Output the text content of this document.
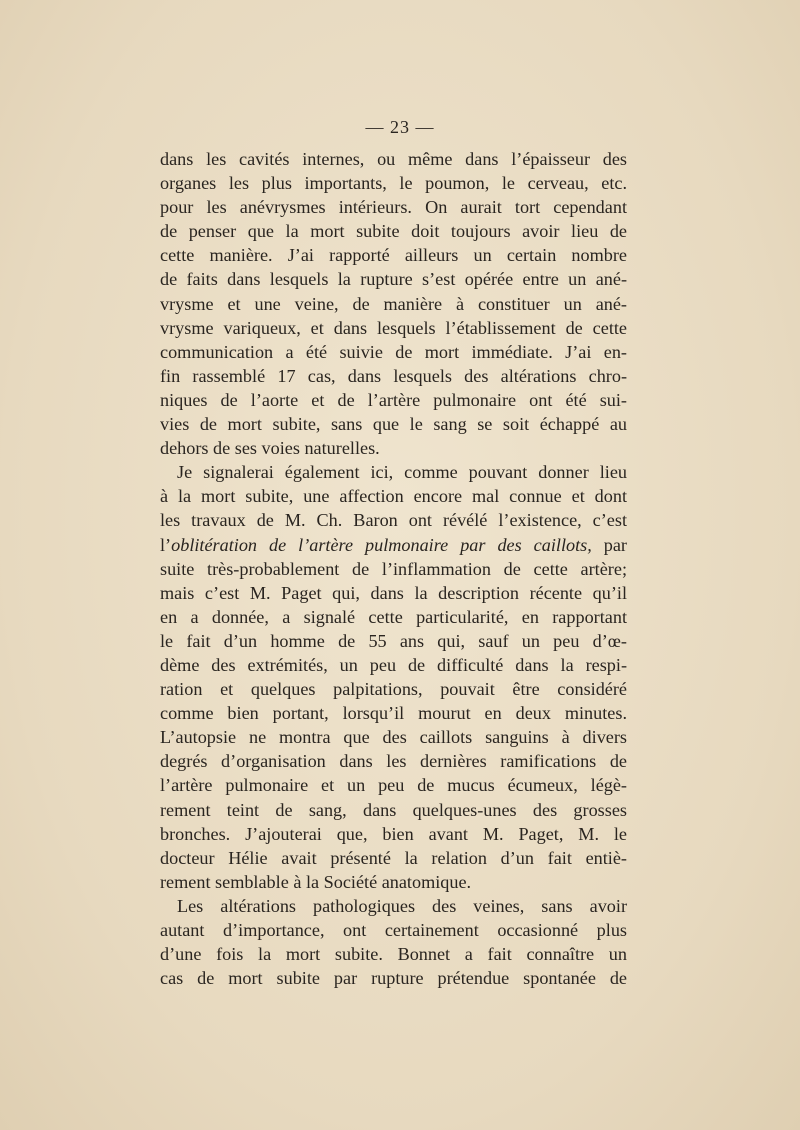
— 23 —
dans les cavités internes, ou même dans l’épaisseur des
organes les plus importants, le poumon, le cerveau, etc.
pour les anévrysmes intérieurs. On aurait tort cependant
de penser que la mort subite doit toujours avoir lieu de
cette manière. J’ai rapporté ailleurs un certain nombre
de faits dans lesquels la rupture s’est opérée entre un ané-
vrysme et une veine, de manière à constituer un ané-
vrysme variqueux, et dans lesquels l’établissement de cette
communication a été suivie de mort immédiate. J’ai en-
fin rassemblé 17 cas, dans lesquels des altérations chro-
niques de l’aorte et de l’artère pulmonaire ont été sui-
vies de mort subite, sans que le sang se soit échappé au
dehors de ses voies naturelles.
Je signalerai également ici, comme pouvant donner lieu
à la mort subite, une affection encore mal connue et dont
les travaux de M. Ch. Baron ont révélé l’existence, c’est
l’oblitération de l’artère pulmonaire par des caillots, par
suite très-probablement de l’inflammation de cette artère;
mais c’est M. Paget qui, dans la description récente qu’il
en a donnée, a signalé cette particularité, en rapportant
le fait d’un homme de 55 ans qui, sauf un peu d’œ-
dème des extrémités, un peu de difficulté dans la respi-
ration et quelques palpitations, pouvait être considéré
comme bien portant, lorsqu’il mourut en deux minutes.
L’autopsie ne montra que des caillots sanguins à divers
degrés d’organisation dans les dernières ramifications de
l’artère pulmonaire et un peu de mucus écumeux, légè-
rement teint de sang, dans quelques-unes des grosses
bronches. J’ajouterai que, bien avant M. Paget, M. le
docteur Hélie avait présenté la relation d’un fait entiè-
rement semblable à la Société anatomique.
Les altérations pathologiques des veines, sans avoir
autant d’importance, ont certainement occasionné plus
d’une fois la mort subite. Bonnet a fait connaître un
cas de mort subite par rupture prétendue spontanée de
